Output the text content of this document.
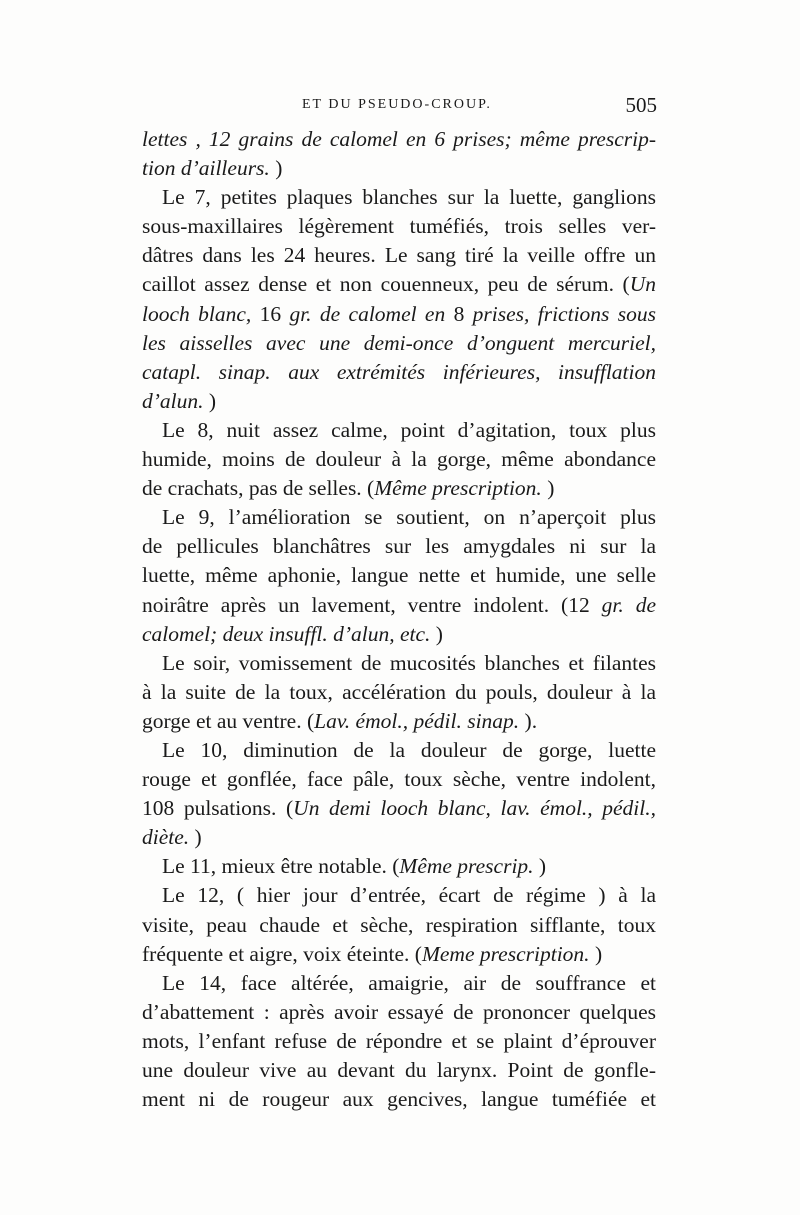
ET DU PSEUDO-CROUP.	505
lettes , 12 grains de calomel en 6 prises; même prescrip-
tion d’ailleurs. )
Le 7, petites plaques blanches sur la luette, ganglions
sous-maxillaires légèrement tuméfiés, trois selles ver-
dâtres dans les 24 heures. Le sang tiré la veille offre un
caillot assez dense et non couenneux, peu de sérum. (Un
looch blanc, 16 gr. de calomel en 8 prises, frictions sous
les aisselles avec une demi-once d’onguent mercuriel,
catapl. sinap. aux extrémités inférieures, insufflation
d’alun. )
Le 8, nuit assez calme, point d’agitation, toux plus
humide, moins de douleur à la gorge, même abondance
de crachats, pas de selles. (Même prescription. )
Le 9, l’amélioration se soutient, on n’aperçoit plus
de pellicules blanchâtres sur les amygdales ni sur la
luette, même aphonie, langue nette et humide, une selle
noirâtre après un lavement, ventre indolent. (12 gr. de
calomel; deux insuffl. d’alun, etc. )
Le soir, vomissement de mucosités blanches et filantes
à la suite de la toux, accélération du pouls, douleur à la
gorge et au ventre. (Lav. émol., pédil. sinap. ).
Le 10, diminution de la douleur de gorge, luette
rouge et gonflée, face pâle, toux sèche, ventre indolent,
108 pulsations. (Un demi looch blanc, lav. émol., pédil.,
diète. )
Le 11, mieux être notable. (Même prescrip. )
Le 12, ( hier jour d’entrée, écart de régime ) à la
visite, peau chaude et sèche, respiration sifflante, toux
fréquente et aigre, voix éteinte. (Meme prescription. )
Le 14, face altérée, amaigrie, air de souffrance et
d’abattement : après avoir essayé de prononcer quelques
mots, l’enfant refuse de répondre et se plaint d’éprouver
une douleur vive au devant du larynx. Point de gonfle-
ment ni de rougeur aux gencives, langue tuméfiée et
